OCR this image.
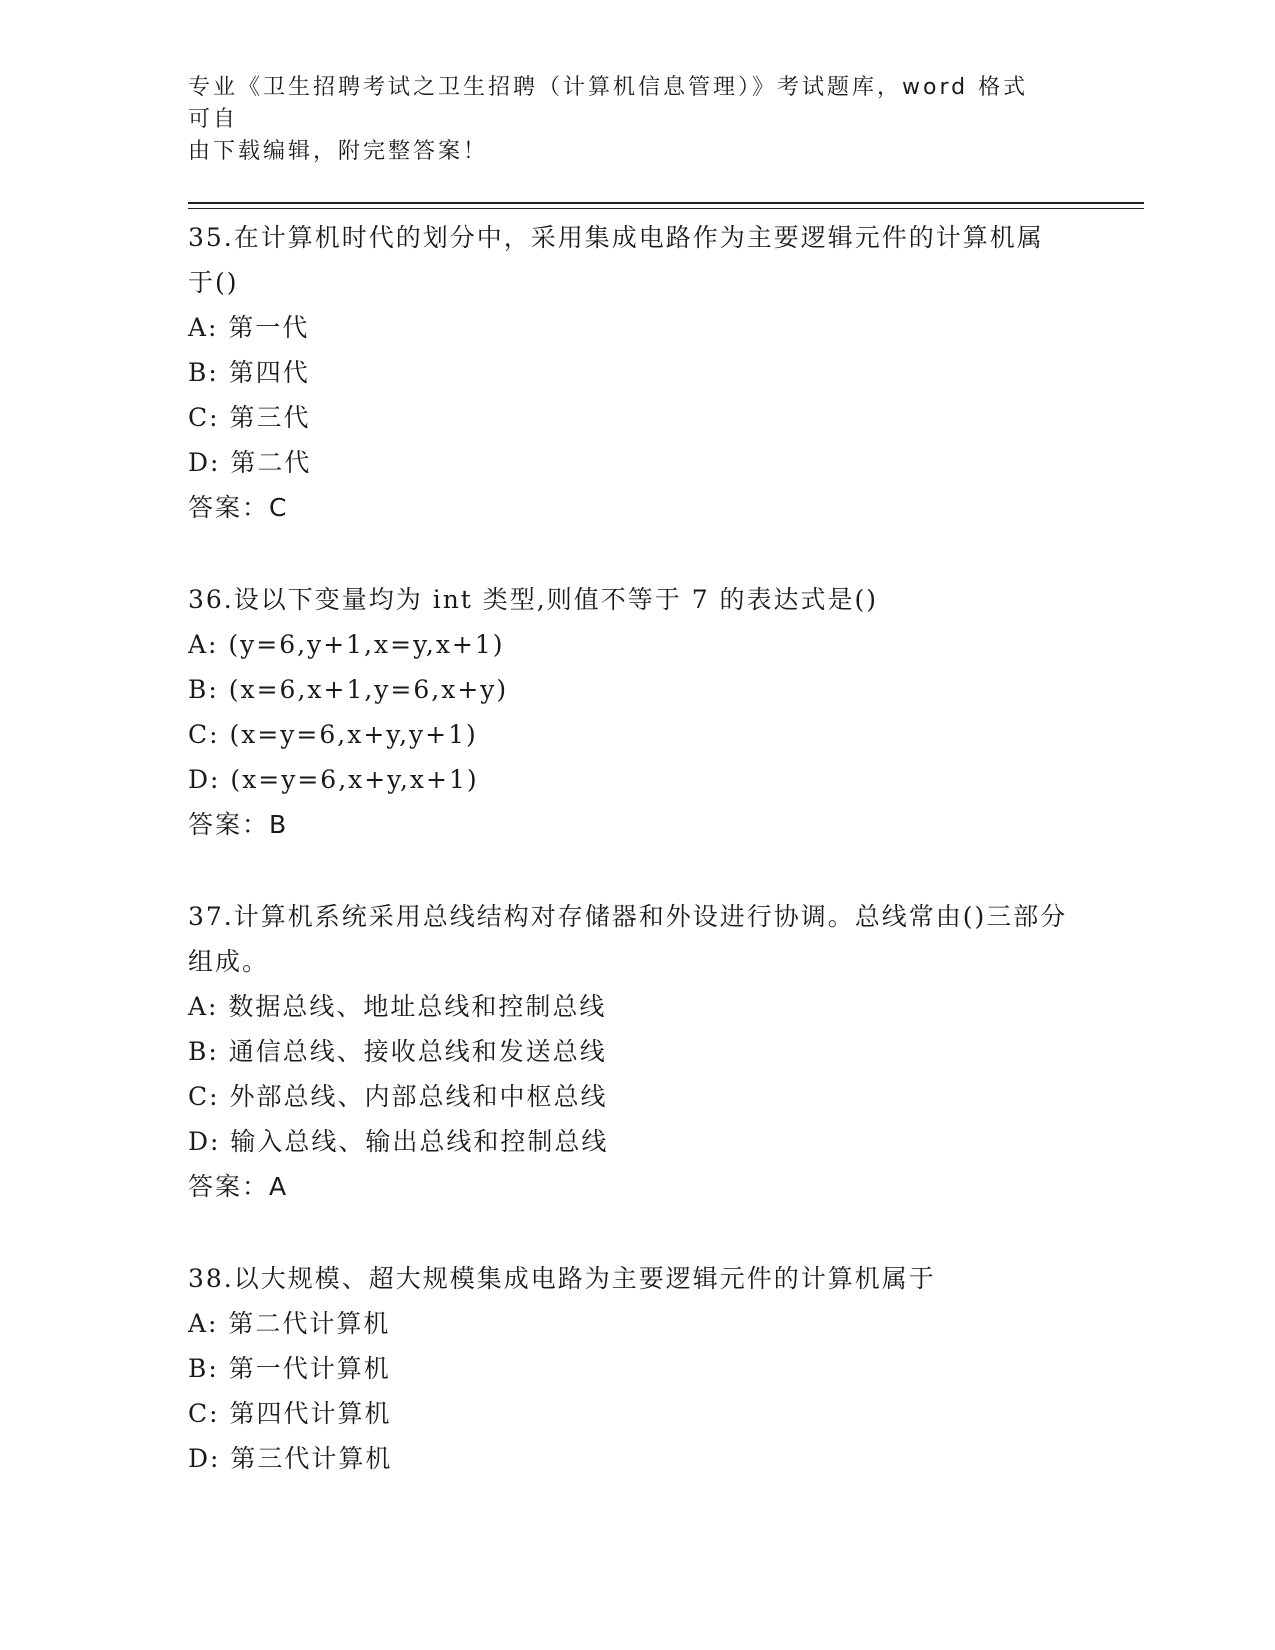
专业《卫生招聘考试之卫生招聘（计算机信息管理）》考试题库，word 格式可自
由下载编辑，附完整答案！

35.在计算机时代的划分中，采用集成电路作为主要逻辑元件的计算机属于()

A: 第一代

B: 第四代

C: 第三代

D: 第二代

答案：C

36.设以下变量均为 int 类型,则值不等于 7 的表达式是()

A: (y=6,y+1,x=y,x+1)

B: (x=6,x+1,y=6,x+y)

C: (x=y=6,x+y,y+1)

D: (x=y=6,x+y,x+1)

答案：B

37.计算机系统采用总线结构对存储器和外设进行协调。总线常由()三部分组成。

A: 数据总线、地址总线和控制总线

B: 通信总线、接收总线和发送总线

C: 外部总线、内部总线和中枢总线

D: 输入总线、输出总线和控制总线

答案：A

38.以大规模、超大规模集成电路为主要逻辑元件的计算机属于

A: 第二代计算机

B: 第一代计算机

C: 第四代计算机

D: 第三代计算机
